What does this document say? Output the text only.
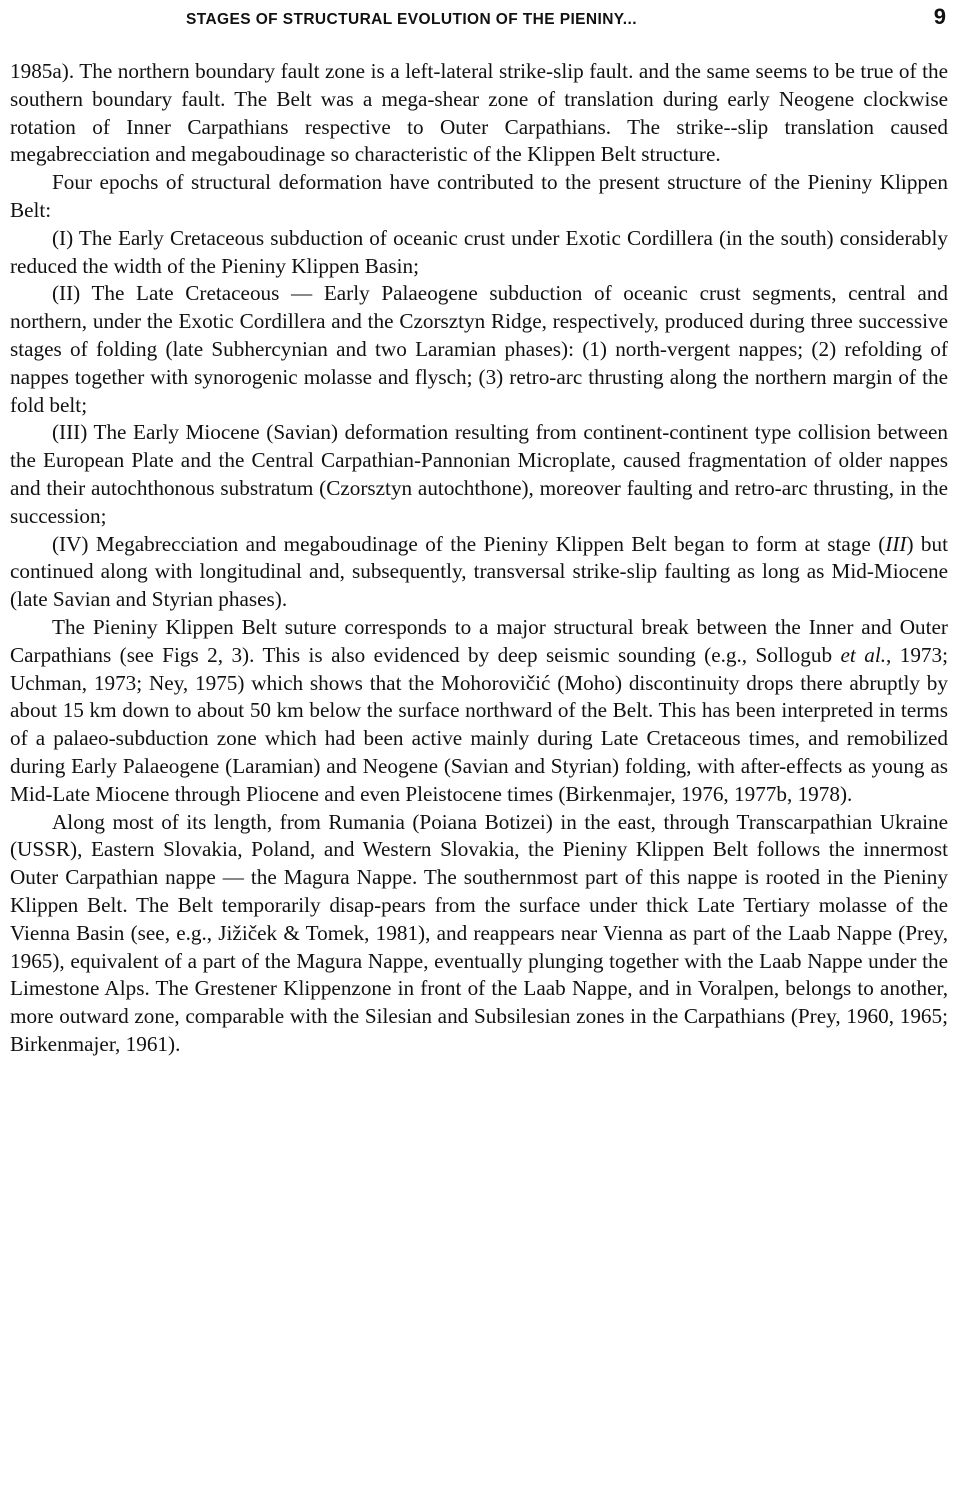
STAGES OF STRUCTURAL EVOLUTION OF THE PIENINY...	9

1985a). The northern boundary fault zone is a left-lateral strike-slip fault. and the same seems to be true of the southern boundary fault. The Belt was a mega-shear zone of translation during early Neogene clockwise rotation of Inner Carpathians respective to Outer Carpathians. The strike--slip translation caused megabrecciation and megaboudinage so characteristic of the Klippen Belt structure.

Four epochs of structural deformation have contributed to the present structure of the Pieniny Klippen Belt:

(I) The Early Cretaceous subduction of oceanic crust under Exotic Cordillera (in the south) considerably reduced the width of the Pieniny Klippen Basin;

(II) The Late Cretaceous — Early Palaeogene subduction of oceanic crust segments, central and northern, under the Exotic Cordillera and the Czorsztyn Ridge, respectively, produced during three successive stages of folding (late Subhercynian and two Laramian phases): (1) north-vergent nappes; (2) refolding of nappes together with synorogenic molasse and flysch; (3) retro-arc thrusting along the northern margin of the fold belt;

(III) The Early Miocene (Savian) deformation resulting from continent-continent type collision between the European Plate and the Central Carpathian-Pannonian Microplate, caused fragmentation of older nappes and their autochthonous substratum (Czorsztyn autochthone), moreover faulting and retro-arc thrusting, in the succession;

(IV) Megabrecciation and megaboudinage of the Pieniny Klippen Belt began to form at stage (III) but continued along with longitudinal and, subsequently, transversal strike-slip faulting as long as Mid-Miocene (late Savian and Styrian phases).

The Pieniny Klippen Belt suture corresponds to a major structural break between the Inner and Outer Carpathians (see Figs 2, 3). This is also evidenced by deep seismic sounding (e.g., Sollogub et al., 1973; Uchman, 1973; Ney, 1975) which shows that the Mohorovičić (Moho) discontinuity drops there abruptly by about 15 km down to about 50 km below the surface northward of the Belt. This has been interpreted in terms of a palaeo-subduction zone which had been active mainly during Late Cretaceous times, and remobilized during Early Palaeogene (Laramian) and Neogene (Savian and Styrian) folding, with after-effects as young as Mid-Late Miocene through Pliocene and even Pleistocene times (Birkenmajer, 1976, 1977b, 1978).

Along most of its length, from Rumania (Poiana Botizei) in the east, through Transcarpathian Ukraine (USSR), Eastern Slovakia, Poland, and Western Slovakia, the Pieniny Klippen Belt follows the innermost Outer Carpathian nappe — the Magura Nappe. The southernmost part of this nappe is rooted in the Pieniny Klippen Belt. The Belt temporarily disap-pears from the surface under thick Late Tertiary molasse of the Vienna Basin (see, e.g., Jižiček & Tomek, 1981), and reappears near Vienna as part of the Laab Nappe (Prey, 1965), equivalent of a part of the Magura Nappe, eventually plunging together with the Laab Nappe under the Limestone Alps. The Grestener Klippenzone in front of the Laab Nappe, and in Voralpen, belongs to another, more outward zone, comparable with the Silesian and Subsilesian zones in the Carpathians (Prey, 1960, 1965; Birkenmajer, 1961).
